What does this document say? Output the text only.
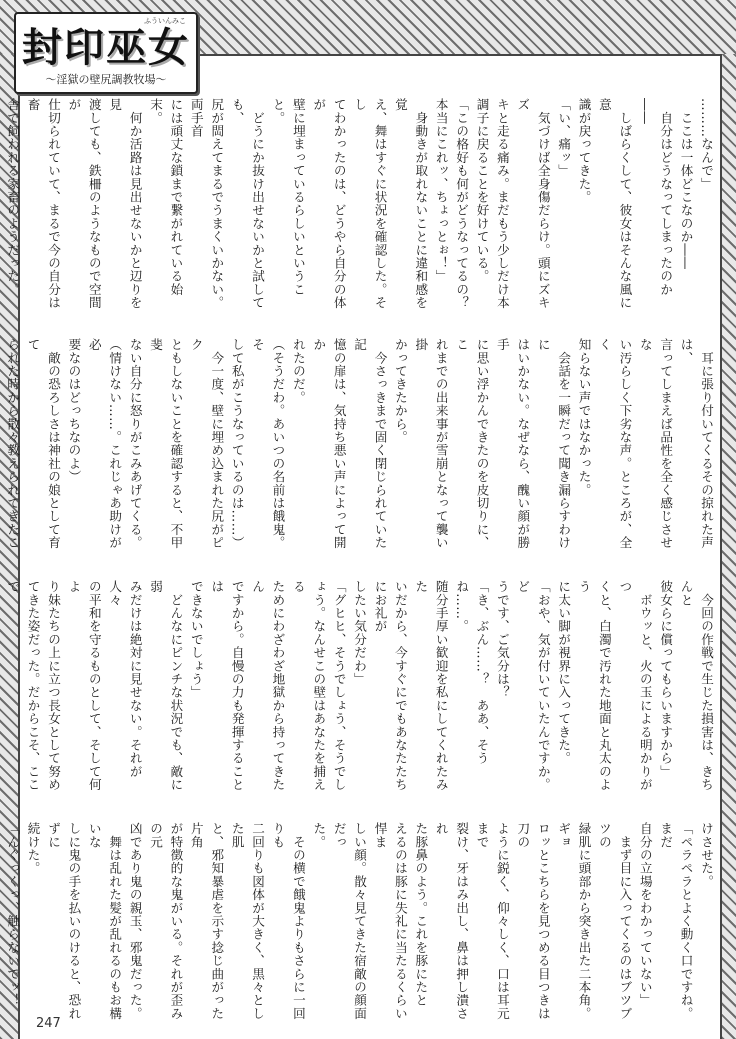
封印巫女
ふういんみこ
〜淫獄の壁尻調教牧場〜

………なんで」
　ここは一体どこなのか――
　自分はどうなってしまったのか――
　しばらくして、彼女はそんな風に意
識が戻ってきた。
「い、痛ッ」
　気づけば全身傷だらけ。頭にズキズ
キと走る痛み。まだもう少しだけ本
調子に戻ることを好けている。
「この格好も何がどうなってるの？
本当にこれッ、ちょっとぉ！」
　身動きが取れないことに違和感を覚
え、舞はすぐに状況を確認した。そし
てわかったのは、どうやら自分の体が
壁に埋まっているらしいということ。
　どうにか抜け出せないかと試しても、
尻が閊えてまるでうまくいかない。両手首
には頑丈な鎖まで繋がれている始末。
　何か活路は見出せないかと辺りを見
渡しても、鉄柵のようなもので空間が
仕切られていて、まるで今の自分は畜
舎で飼われる家畜のようだった。

　耳に張り付いてくるその掠れた声は、
言ってしまえば品性を全く感じさせな
い汚らしく下劣な声。ところが、全く
知らない声ではなかった。
　会話を一瞬だって聞き漏らすわけに
はいかない。なぜなら、醜い顔が勝手
に思い浮かんできたのを皮切りに、こ
れまでの出来事が雪崩となって襲い掛
かってきたから。
　今さっきまで固く閉じられていた記
憶の扉は、気持ち悪い声によって開か
れたのだ。
（そうだわ。あいつの名前は餓鬼。そ
して私がこうなっているのは……）
　今一度、壁に埋め込まれた尻がピク
ともしないことを確認すると、不甲斐
ない自分に怒りがこみあげてくる。
（情けない……。これじゃあ助けが必
要なのはどっちなのよ）
　敵の恐ろしさは神社の娘として育て
られた時から散々教えられてきたこ

　今回の作戦で生じた損害は、きちんと
彼女らに償ってもらいますから」
　ボウッと、火の玉による明かりがつ
くと、白濁で汚れた地面と丸太のよう
に太い脚が視界に入ってきた。
「おや、気が付いていたんですか。ど
うです、ご気分は？
「き、ぶん……？　ああ、そうね……。
随分手厚い歓迎を私にしてくれたみた
いだから、今すぐにでもあなたたちにお礼が
したい気分だわ」
「グヒヒ、そうでしょう、そうでし
ょう。なんせこの壁はあなたを捕える
ためにわざわざ地獄から持ってきたん
ですから。自慢の力も発揮することは
できないでしょう」
　どんなにピンチな状況でも、敵に弱
みだけは絶対に見せない。それが人々
の平和を守るものとして、そして何よ
り妹たちの上に立つ長女として努め
てきた姿だった。だからこそ、ここで

けさせた。
「ペラペラとよく動く口ですね。まだ
自分の立場をわかっていない」
　まず目に入ってくるのはブツブツの
緑肌に頭部から突き出た二本角。ギョ
ロッとこちらを見つめる目つきは刀の
ように鋭く、仰々しく、口は耳元まで
裂け、牙はみ出し、鼻は押し潰され
た豚鼻のよう。これを豚にたと
えるのは豚に失礼に当たるくらい悍ま
しい顔。散々見てきた宿敵の顔面だっ
た。
　その横で餓鬼よりもさらに一回りも
二回りも図体が大きく、黒々とした肌
と、邪知暴虐を示す捻じ曲がった片角
が特徴的な鬼がいる。それが歪みの元
凶であり鬼の親玉、邪鬼だった。
　舞は乱れた髪が乱れるのもお構いな
しに鬼の手を払いのけると、恐れずに
続けた。
「んぐっくっ、触らないでッ！　

247
